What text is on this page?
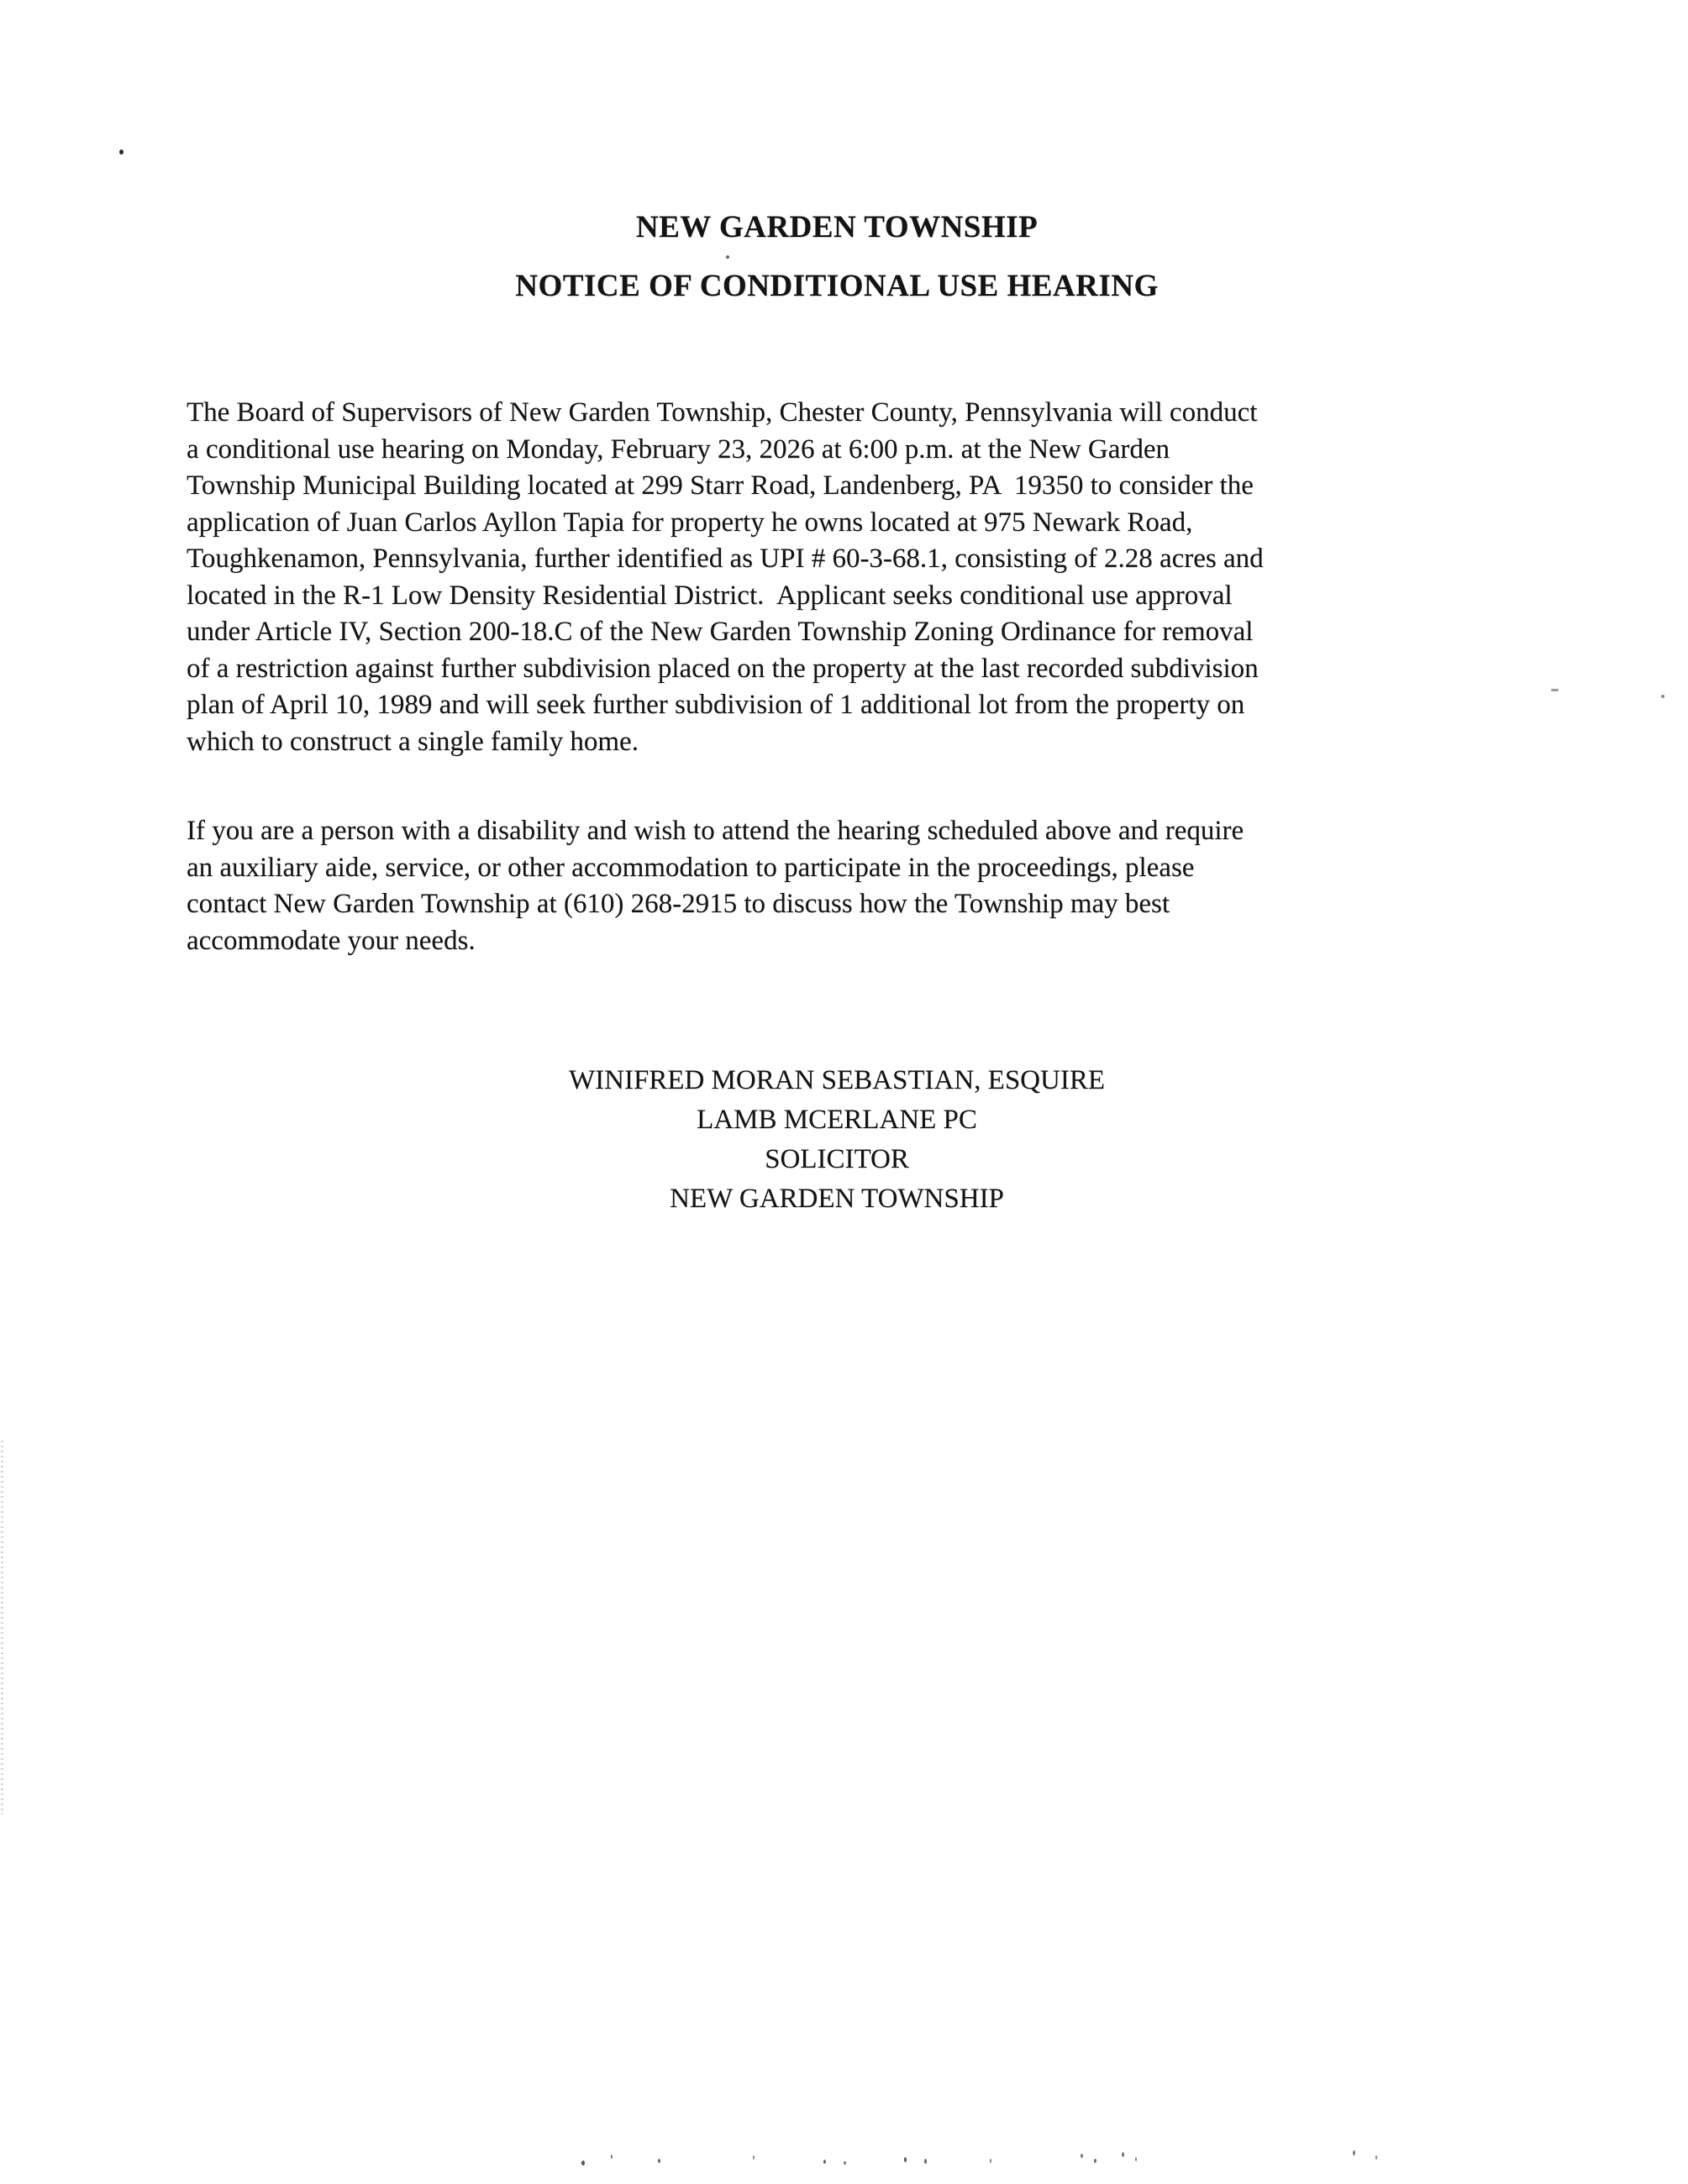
NEW GARDEN TOWNSHIP
NOTICE OF CONDITIONAL USE HEARING
The Board of Supervisors of New Garden Township, Chester County, Pennsylvania will conduct
a conditional use hearing on Monday, February 23, 2026 at 6:00 p.m. at the New Garden
Township Municipal Building located at 299 Starr Road, Landenberg, PA  19350 to consider the
application of Juan Carlos Ayllon Tapia for property he owns located at 975 Newark Road,
Toughkenamon, Pennsylvania, further identified as UPI # 60-3-68.1, consisting of 2.28 acres and
located in the R-1 Low Density Residential District.  Applicant seeks conditional use approval
under Article IV, Section 200-18.C of the New Garden Township Zoning Ordinance for removal
of a restriction against further subdivision placed on the property at the last recorded subdivision
plan of April 10, 1989 and will seek further subdivision of 1 additional lot from the property on
which to construct a single family home.
If you are a person with a disability and wish to attend the hearing scheduled above and require
an auxiliary aide, service, or other accommodation to participate in the proceedings, please
contact New Garden Township at (610) 268-2915 to discuss how the Township may best
accommodate your needs.
WINIFRED MORAN SEBASTIAN, ESQUIRE
LAMB MCERLANE PC
SOLICITOR
NEW GARDEN TOWNSHIP
